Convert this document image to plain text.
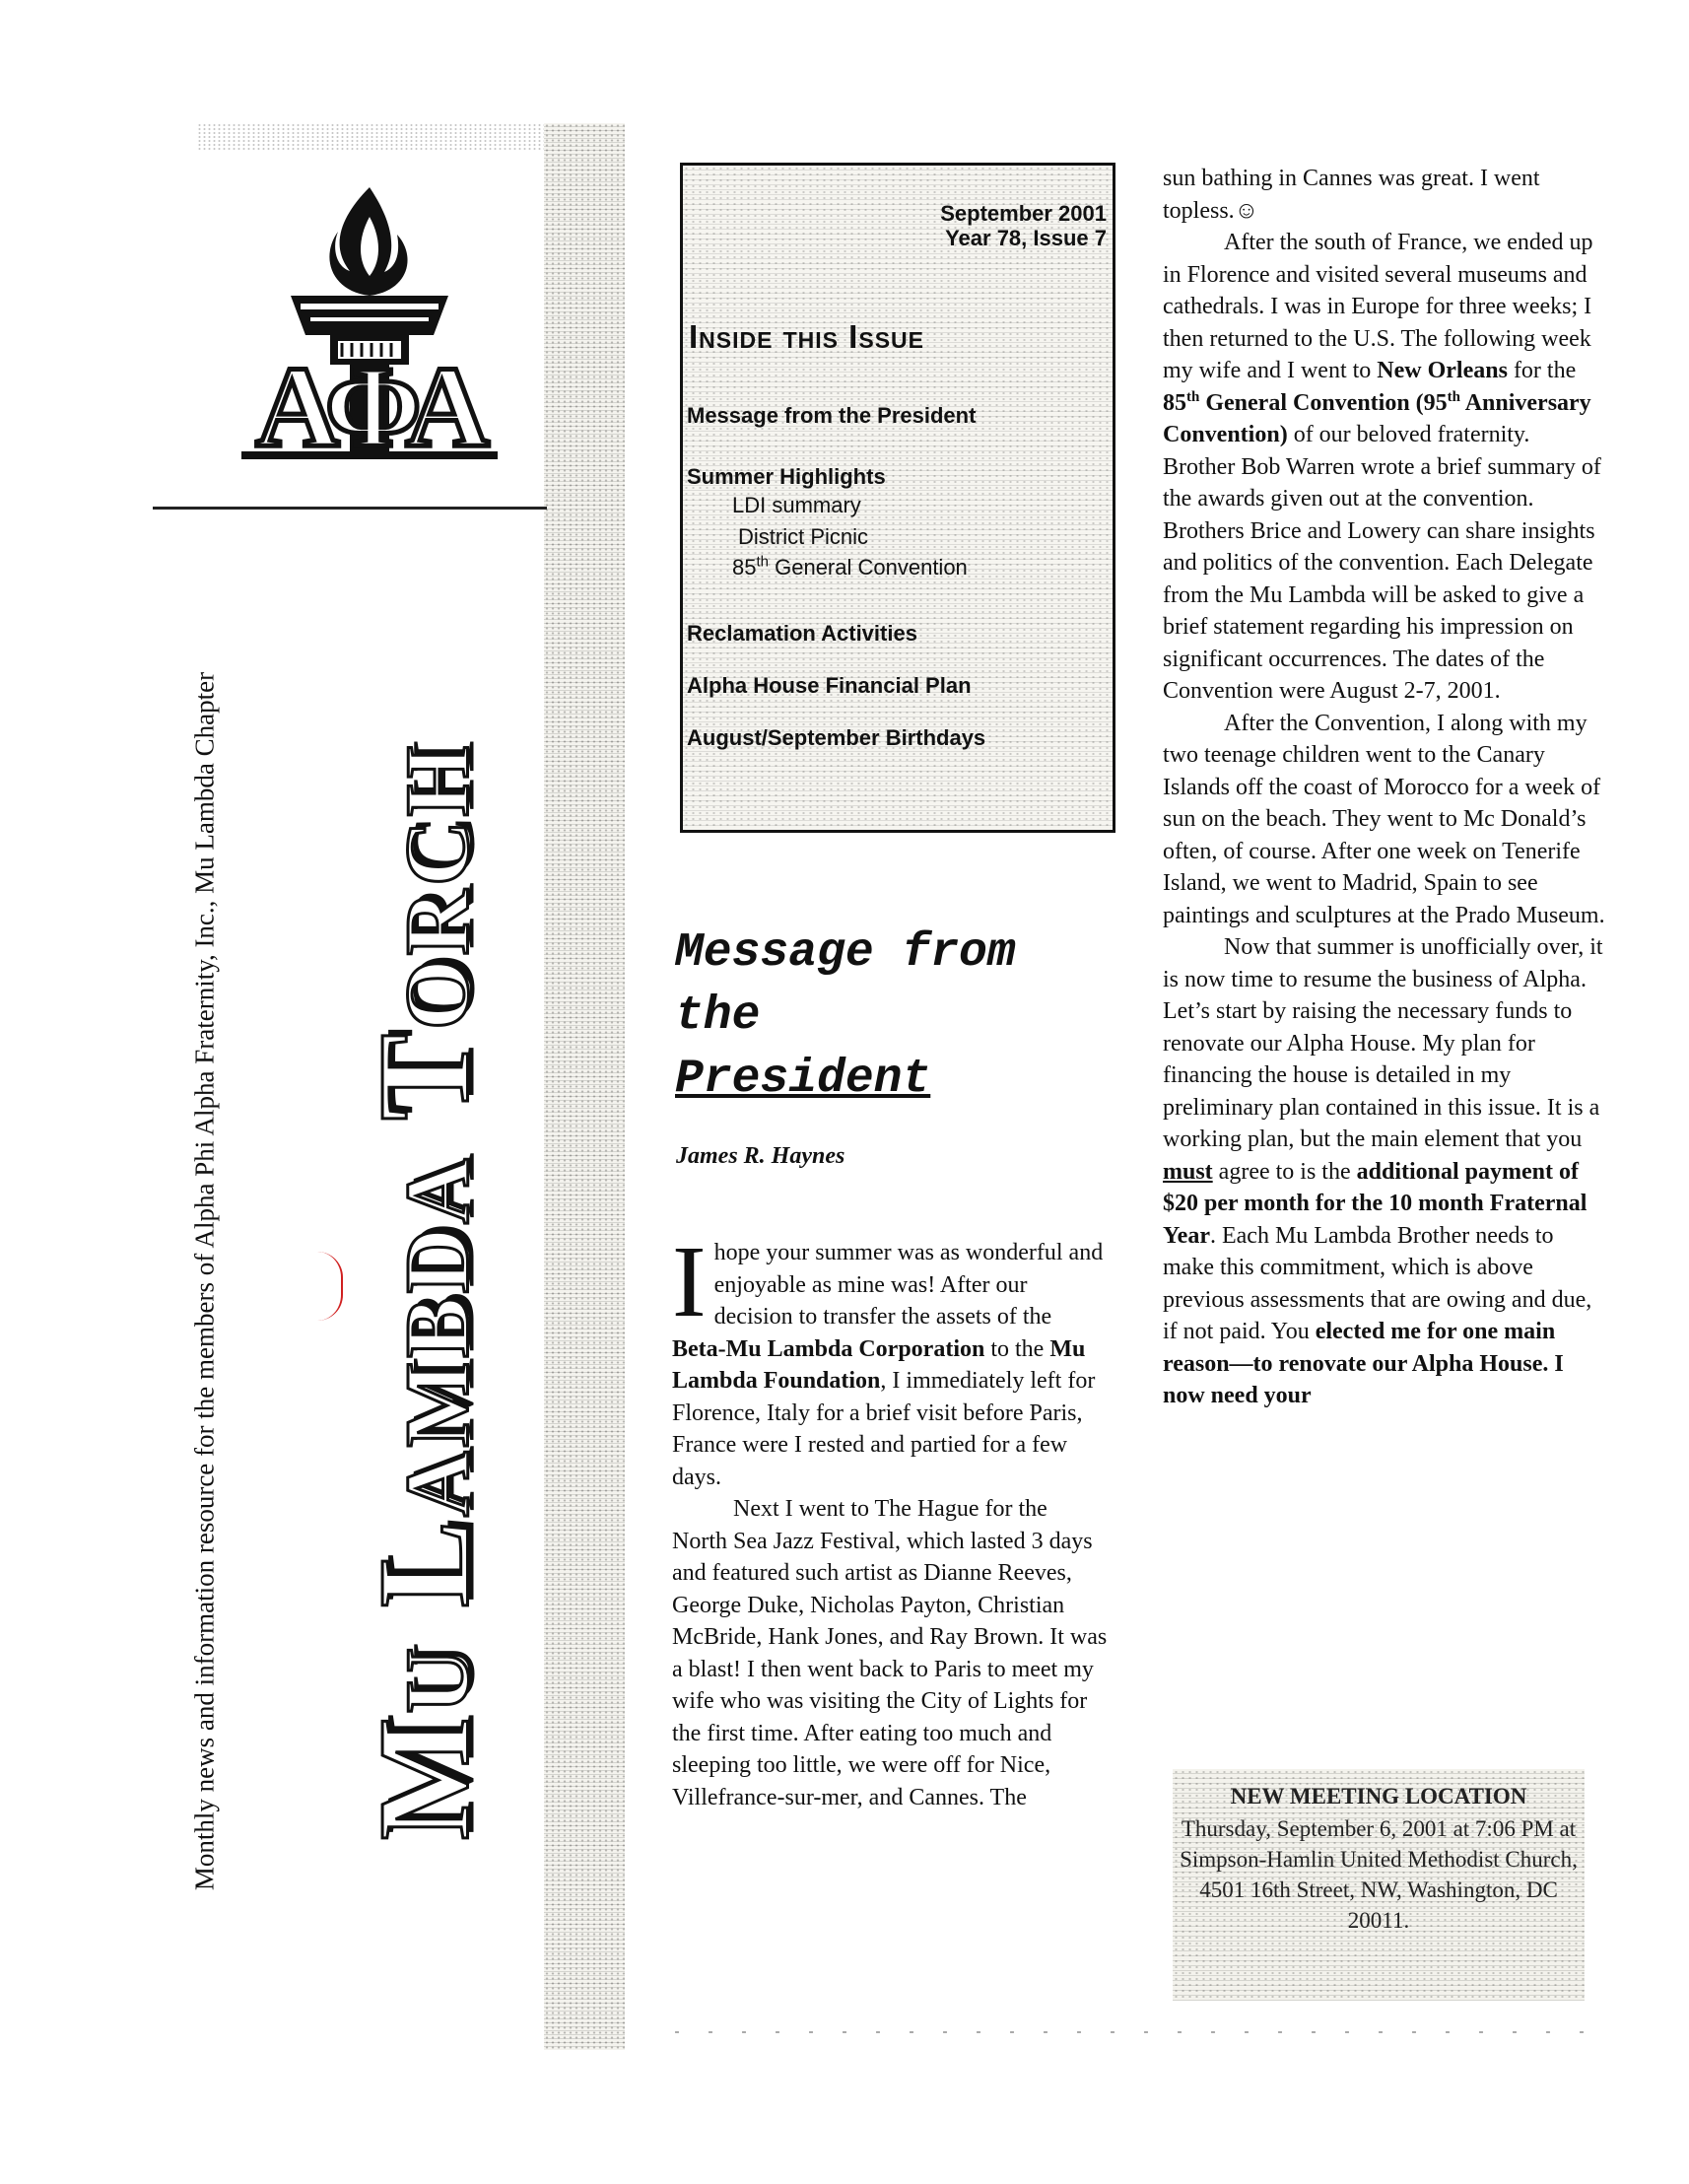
ΑΦΑ
Mu Lambda Torch
Monthly news and information resource for the members of Alpha Phi Alpha Fraternity, Inc., Mu Lambda Chapter
September 2001
Year 78, Issue 7
Inside this Issue
Message from the President
Summer Highlights
LDI summary
District Picnic
85th General Convention
Reclamation Activities
Alpha House Financial Plan
August/September Birthdays
Message from the
President
James R. Haynes

Ihope your summer was as wonderful and enjoyable as mine was! After our decision to transfer the assets of the Beta-Mu Lambda Corporation to the Mu Lambda Foundation, I immediately left for Florence, Italy for a brief visit before Paris, France were I rested and partied for a few days.

Next I went to The Hague for the North Sea Jazz Festival, which lasted 3 days and featured such artist as Dianne Reeves, George Duke, Nicholas Payton, Christian McBride, Hank Jones, and Ray Brown. It was a blast! I then went back to Paris to meet my wife who was visiting the City of Lights for the first time. After eating too much and sleeping too little, we were off for Nice, Villefrance-sur-mer, and Cannes. The

sun bathing in Cannes was great. I went topless.☺

After the south of France, we ended up in Florence and visited several museums and cathedrals. I was in Europe for three weeks; I then returned to the U.S. The following week my wife and I went to New Orleans for the 85th General Convention (95th Anniversary Convention) of our beloved fraternity. Brother Bob Warren wrote a brief summary of the awards given out at the convention. Brothers Brice and Lowery can share insights and politics of the convention. Each Delegate from the Mu Lambda will be asked to give a brief statement regarding his impression on significant occurrences. The dates of the Convention were August 2-7, 2001.

After the Convention, I along with my two teenage children went to the Canary Islands off the coast of Morocco for a week of sun on the beach. They went to Mc Donald’s often, of course. After one week on Tenerife Island, we went to Madrid, Spain to see paintings and sculptures at the Prado Museum.

Now that summer is unofficially over, it is now time to resume the business of Alpha. Let’s start by raising the necessary funds to renovate our Alpha House. My plan for financing the house is detailed in my preliminary plan contained in this issue. It is a working plan, but the main element that you must agree to is the additional payment of $20 per month for the 10 month Fraternal Year. Each Mu Lambda Brother needs to make this commitment, which is above previous assessments that are owing and due, if not paid. You elected me for one main reason—to renovate our Alpha House. I now need your

NEW MEETING LOCATION
Thursday, September 6, 2001 at 7:06 PM at Simpson-Hamlin United Methodist Church, 4501 16th Street, NW, Washington, DC 20011.
